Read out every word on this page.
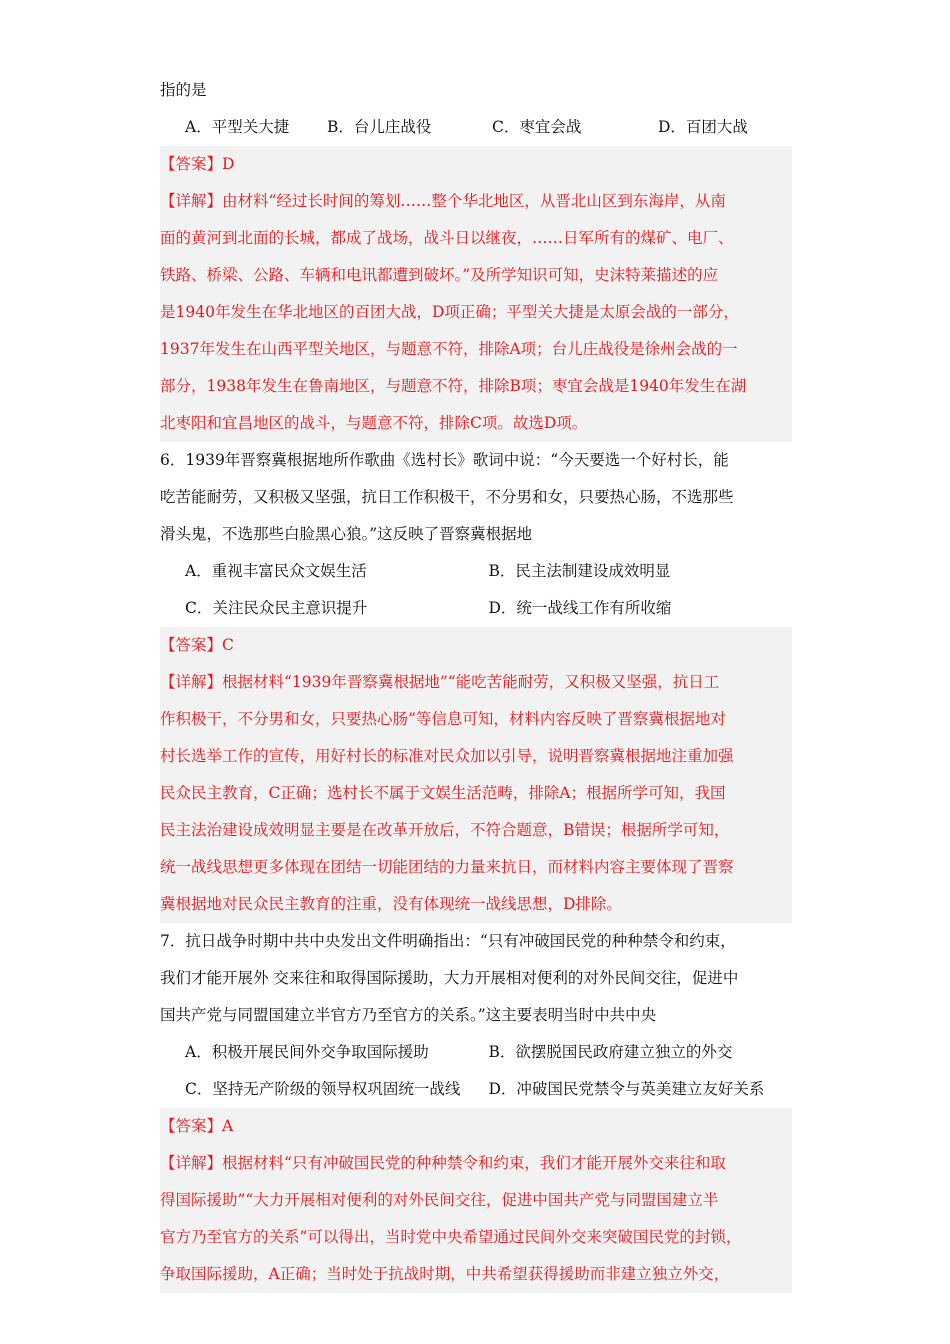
指的是
A．平型关大捷	B．台儿庄战役	C．枣宜会战	D．百团大战
【答案】D
【详解】由材料“经过长时间的筹划……整个华北地区，从晋北山区到东海岸，从南
面的黄河到北面的长城，都成了战场，战斗日以继夜，……日军所有的煤矿、电厂、
铁路、桥梁、公路、车辆和电讯都遭到破坏。”及所学知识可知，史沫特莱描述的应
是1940年发生在华北地区的百团大战，D项正确；平型关大捷是太原会战的一部分，
1937年发生在山西平型关地区，与题意不符，排除A项；台儿庄战役是徐州会战的一
部分，1938年发生在鲁南地区，与题意不符，排除B项；枣宜会战是1940年发生在湖
北枣阳和宜昌地区的战斗，与题意不符，排除C项。故选D项。
6．1939年晋察冀根据地所作歌曲《选村长》歌词中说：“今天要选一个好村长，能
吃苦能耐劳，又积极又坚强，抗日工作积极干，不分男和女，只要热心肠，不选那些
滑头鬼，不选那些白脸黑心狼。”这反映了晋察冀根据地
A．重视丰富民众文娱生活	B．民主法制建设成效明显
C．关注民众民主意识提升	D．统一战线工作有所收缩
【答案】C
【详解】根据材料“1939年晋察冀根据地”“能吃苦能耐劳，又积极又坚强，抗日工
作积极干，不分男和女，只要热心肠”等信息可知，材料内容反映了晋察冀根据地对
村长选举工作的宣传，用好村长的标准对民众加以引导，说明晋察冀根据地注重加强
民众民主教育，C正确；选村长不属于文娱生活范畴，排除A；根据所学可知，我国
民主法治建设成效明显主要是在改革开放后，不符合题意，B错误；根据所学可知，
统一战线思想更多体现在团结一切能团结的力量来抗日，而材料内容主要体现了晋察
冀根据地对民众民主教育的注重，没有体现统一战线思想，D排除。
7．抗日战争时期中共中央发出文件明确指出：“只有冲破国民党的种种禁令和约束，
我们才能开展外 交来往和取得国际援助，大力开展相对便利的对外民间交往，促进中
国共产党与同盟国建立半官方乃至官方的关系。”这主要表明当时中共中央
A．积极开展民间外交争取国际援助	B．欲摆脱国民政府建立独立的外交
C．坚持无产阶级的领导权巩固统一战线	D．冲破国民党禁令与英美建立友好关系
【答案】A
【详解】根据材料“只有冲破国民党的种种禁令和约束，我们才能开展外交来往和取
得国际援助”“大力开展相对便利的对外民间交往，促进中国共产党与同盟国建立半
官方乃至官方的关系”可以得出，当时党中央希望通过民间外交来突破国民党的封锁，
争取国际援助，A正确；当时处于抗战时期，中共希望获得援助而非建立独立外交，
